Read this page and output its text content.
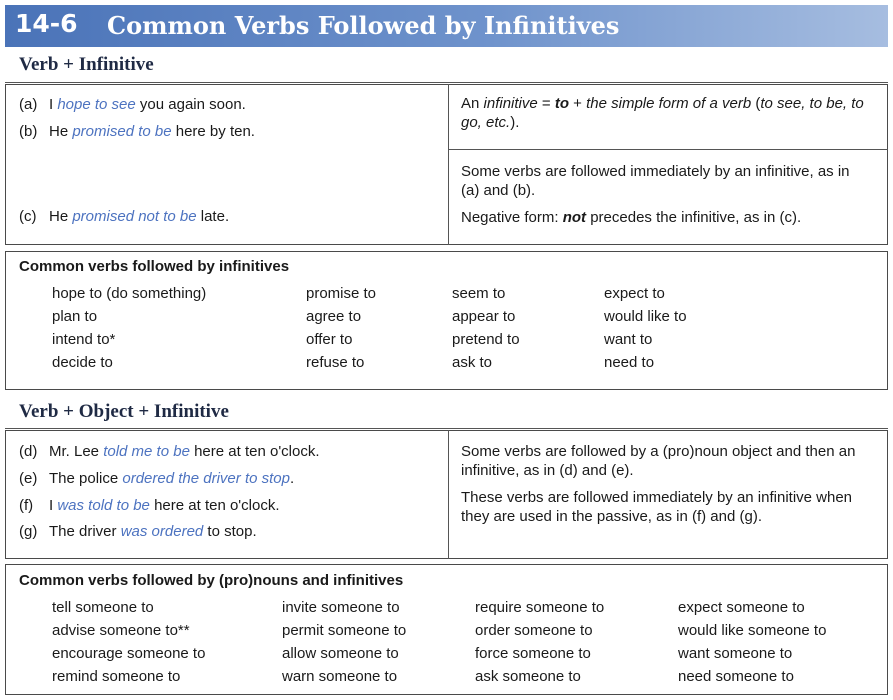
14-6 Common Verbs Followed by Infinitives
Verb + Infinitive
(a) I hope to see you again soon.
(b) He promised to be here by ten.
(c) He promised not to be late.
An infinitive = to + the simple form of a verb (to see, to be, to go, etc.).
Some verbs are followed immediately by an infinitive, as in (a) and (b).
Negative form: not precedes the infinitive, as in (c).
Common verbs followed by infinitives
hope to (do something)
plan to
intend to*
decide to
promise to
agree to
offer to
refuse to
seem to
appear to
pretend to
ask to
expect to
would like to
want to
need to
Verb + Object + Infinitive
(d) Mr. Lee told me to be here at ten o'clock.
(e) The police ordered the driver to stop.
(f) I was told to be here at ten o'clock.
(g) The driver was ordered to stop.
Some verbs are followed by a (pro)noun object and then an infinitive, as in (d) and (e).
These verbs are followed immediately by an infinitive when they are used in the passive, as in (f) and (g).
Common verbs followed by (pro)nouns and infinitives
tell someone to
advise someone to**
encourage someone to
remind someone to
invite someone to
permit someone to
allow someone to
warn someone to
require someone to
order someone to
force someone to
ask someone to
expect someone to
would like someone to
want someone to
need someone to
